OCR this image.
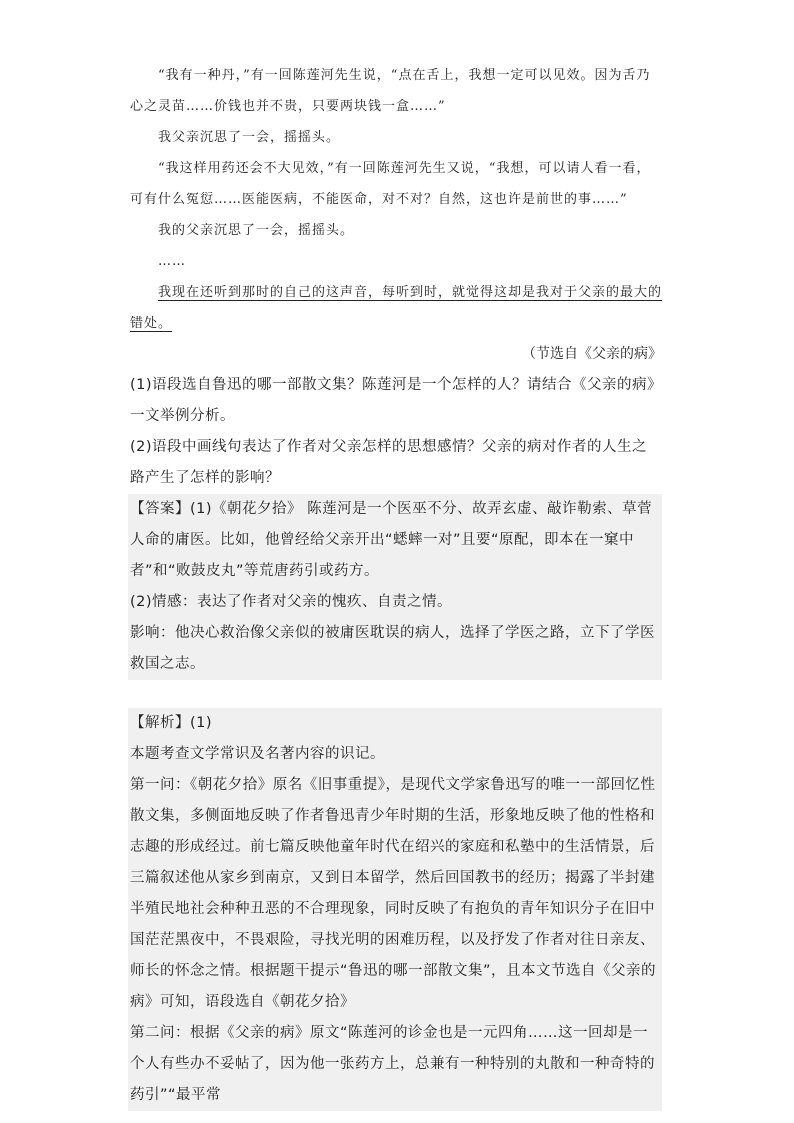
“我有一种丹，”有一回陈莲河先生说，“点在舌上，我想一定可以见效。因为舌乃心之灵苗……价钱也并不贵，只要两块钱一盒……”

我父亲沉思了一会，摇摇头。

“我这样用药还会不大见效，”有一回陈莲河先生又说，“我想，可以请人看一看，可有什么冤愆……医能医病，不能医命，对不对？自然，这也许是前世的事……”

我的父亲沉思了一会，摇摇头。

……

我现在还听到那时的自己的这声音，每听到时，就觉得这却是我对于父亲的最大的错处。

（节选自《父亲的病》

(1)语段选自鲁迅的哪一部散文集？陈莲河是一个怎样的人？请结合《父亲的病》一文举例分析。

(2)语段中画线句表达了作者对父亲怎样的思想感情？父亲的病对作者的人生之路产生了怎样的影响？

【答案】(1)《朝花夕拾》 陈莲河是一个医巫不分、故弄玄虚、敲诈勒索、草菅人命的庸医。比如，他曾经给父亲开出“蟋蟀一对”且要“原配，即本在一窠中者”和“败鼓皮丸”等荒唐药引或药方。

(2)情感：表达了作者对父亲的愧疚、自责之情。

影响：他决心救治像父亲似的被庸医耽误的病人，选择了学医之路，立下了学医救国之志。

【解析】(1)

本题考查文学常识及名著内容的识记。

第一问：《朝花夕拾》原名《旧事重提》，是现代文学家鲁迅写的唯一一部回忆性散文集，多侧面地反映了作者鲁迅青少年时期的生活，形象地反映了他的性格和志趣的形成经过。前七篇反映他童年时代在绍兴的家庭和私塾中的生活情景，后三篇叙述他从家乡到南京，又到日本留学，然后回国教书的经历；揭露了半封建半殖民地社会种种丑恶的不合理现象，同时反映了有抱负的青年知识分子在旧中国茫茫黑夜中，不畏艰险，寻找光明的困难历程，以及抒发了作者对往日亲友、师长的怀念之情。根据题干提示“鲁迅的哪一部散文集”，且本文节选自《父亲的病》可知，语段选自《朝花夕拾》

第二问：根据《父亲的病》原文“陈莲河的诊金也是一元四角……这一回却是一个人有些办不妥帖了，因为他一张药方上，总兼有一种特别的丸散和一种奇特的药引”“最平常
